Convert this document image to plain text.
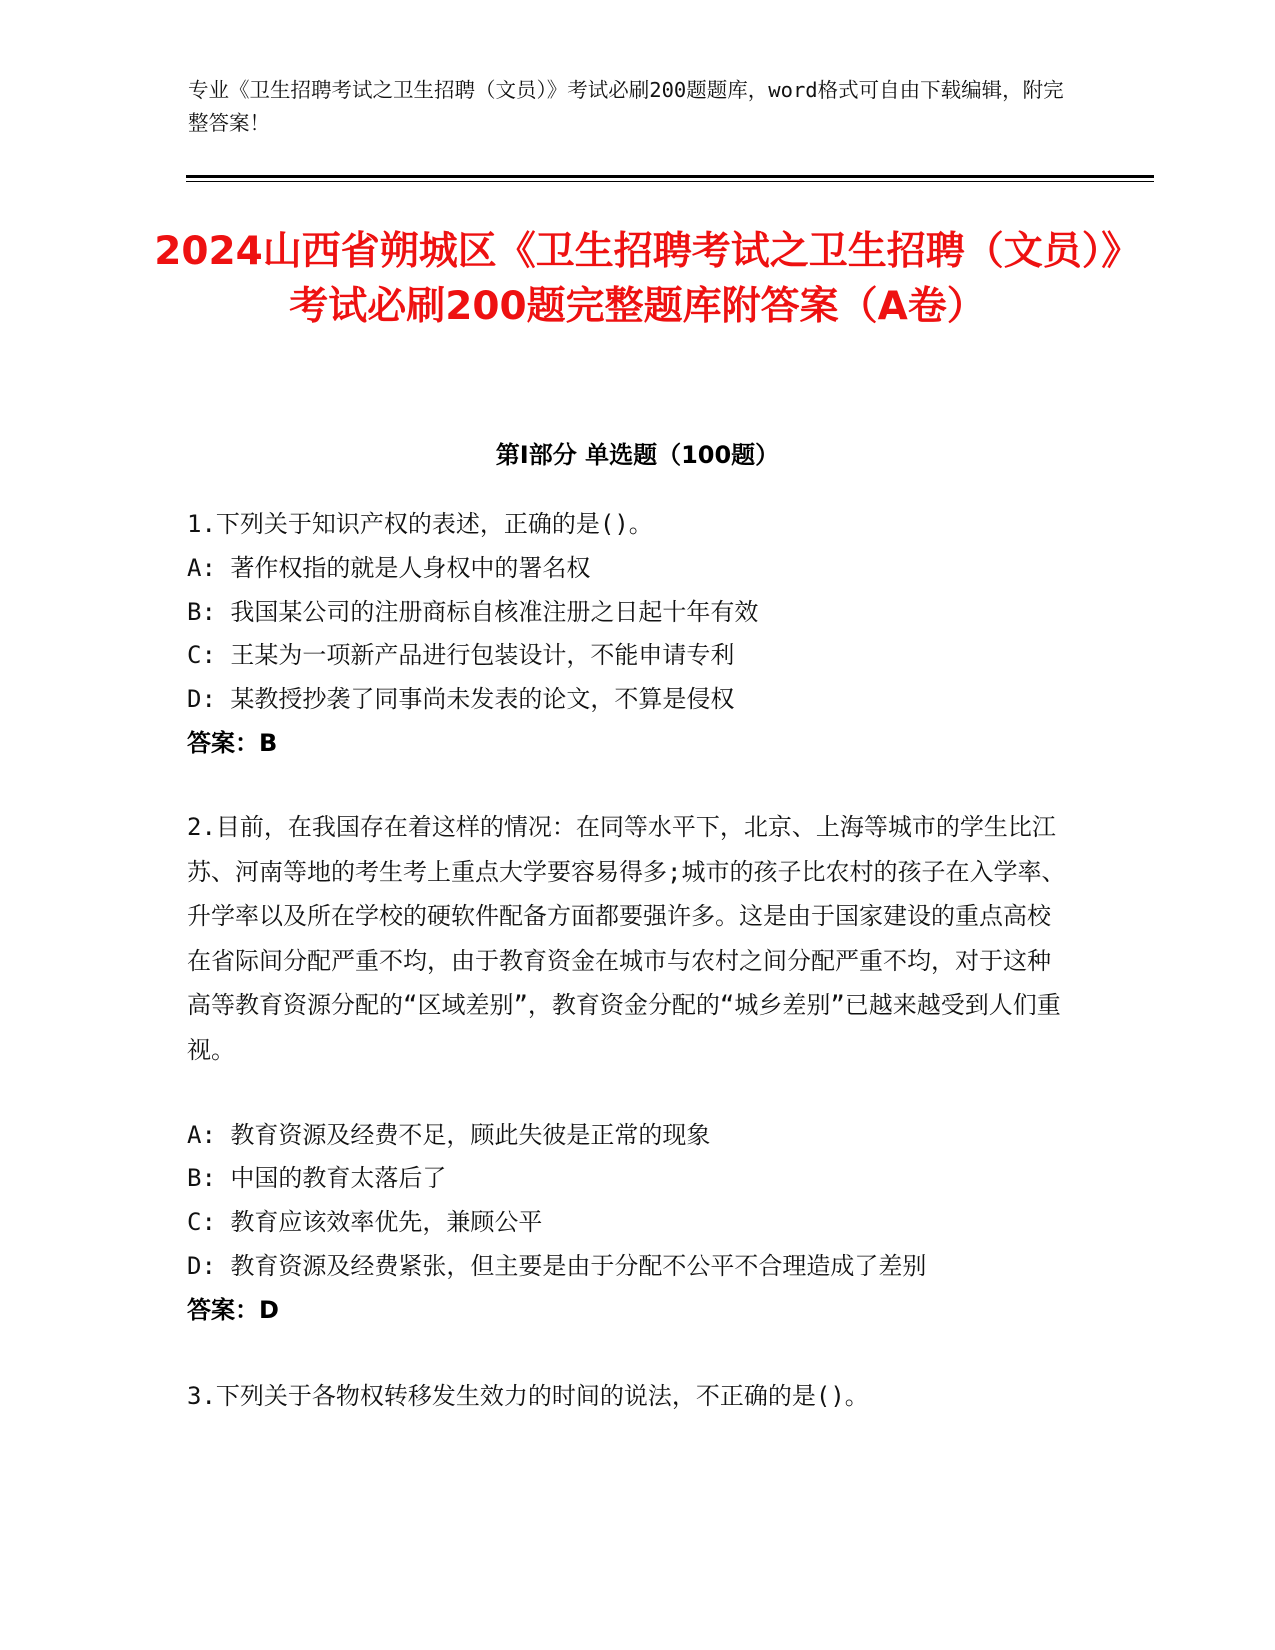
专业《卫生招聘考试之卫生招聘（文员）》考试必刷200题题库，word格式可自由下载编辑，附完整答案！

2024山西省朔城区《卫生招聘考试之卫生招聘（文员）》考试必刷200题完整题库附答案（A卷）
第Ⅰ部分 单选题（100题）

1.下列关于知识产权的表述，正确的是()。

A: 著作权指的就是人身权中的署名权

B: 我国某公司的注册商标自核准注册之日起十年有效

C: 王某为一项新产品进行包装设计，不能申请专利

D: 某教授抄袭了同事尚未发表的论文，不算是侵权

答案：B

2.目前，在我国存在着这样的情况：在同等水平下，北京、上海等城市的学生比江苏、河南等地的考生考上重点大学要容易得多;城市的孩子比农村的孩子在入学率、升学率以及所在学校的硬软件配备方面都要强许多。这是由于国家建设的重点高校在省际间分配严重不均，由于教育资金在城市与农村之间分配严重不均，对于这种高等教育资源分配的“区域差别”，教育资金分配的“城乡差别”已越来越受到人们重视。

A: 教育资源及经费不足，顾此失彼是正常的现象

B: 中国的教育太落后了

C: 教育应该效率优先，兼顾公平

D: 教育资源及经费紧张，但主要是由于分配不公平不合理造成了差别

答案：D

3.下列关于各物权转移发生效力的时间的说法，不正确的是()。
